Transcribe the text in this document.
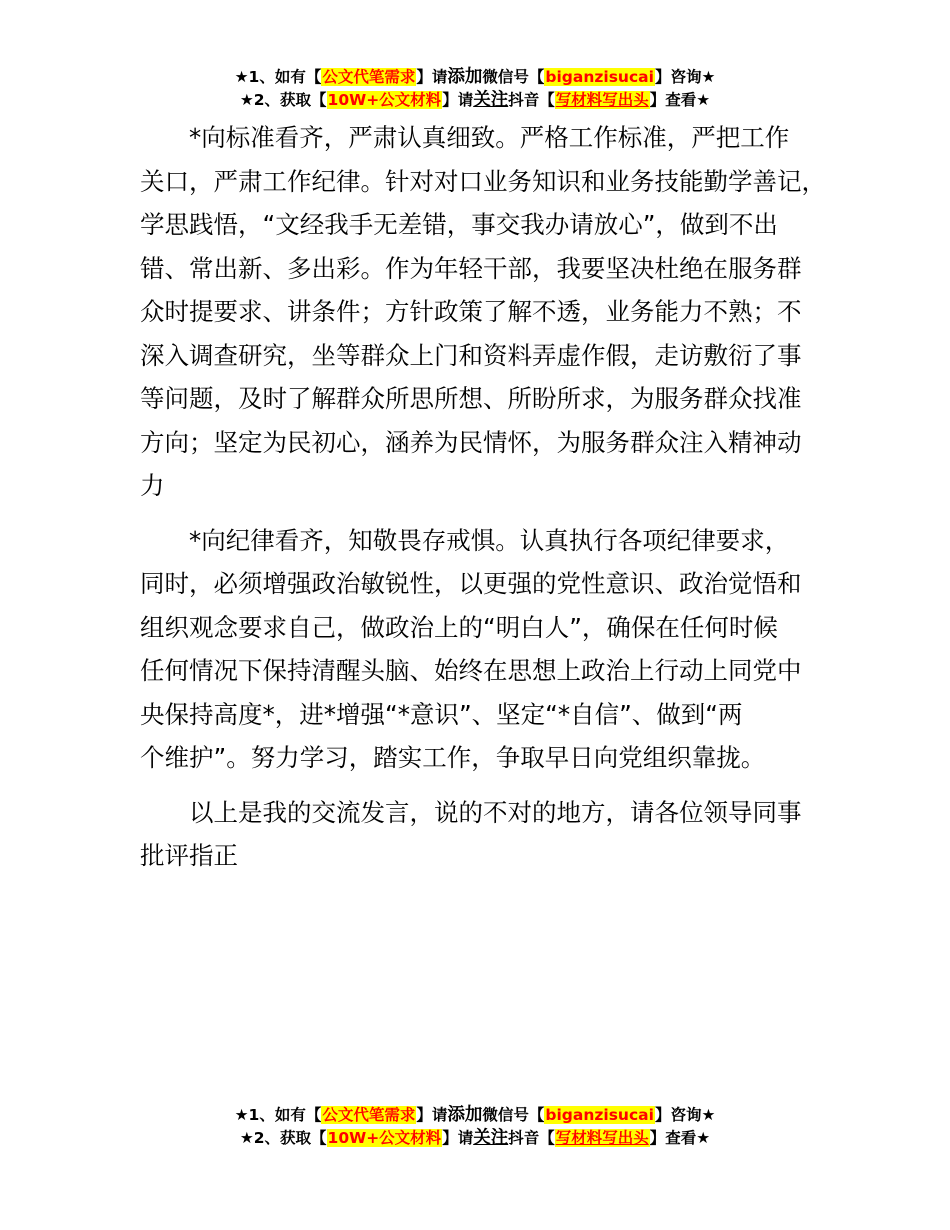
★1、如有【公文代笔需求】请添加微信号【biganzisucai】咨询★
★2、获取【10W+公文材料】请关注抖音【写材料写出头】查看★
*向标准看齐，严肃认真细致。严格工作标准，严把工作
关口，严肃工作纪律。针对对口业务知识和业务技能勤学善记，
学思践悟，“文经我手无差错，事交我办请放心”，做到不出
错、常出新、多出彩。作为年轻干部，我要坚决杜绝在服务群
众时提要求、讲条件；方针政策了解不透，业务能力不熟；不
深入调查研究，坐等群众上门和资料弄虚作假，走访敷衍了事
等问题，及时了解群众所思所想、所盼所求，为服务群众找准
方向；坚定为民初心，涵养为民情怀，为服务群众注入精神动
力
*向纪律看齐，知敬畏存戒惧。认真执行各项纪律要求，
同时，必须增强政治敏锐性，以更强的党性意识、政治觉悟和
组织观念要求自己，做政治上的“明白人”，确保在任何时候
任何情况下保持清醒头脑、始终在思想上政治上行动上同党中
央保持高度*，进*增强“*意识”、坚定“*自信”、做到“两
个维护”。努力学习，踏实工作，争取早日向党组织靠拢。
以上是我的交流发言，说的不对的地方，请各位领导同事
批评指正
★1、如有【公文代笔需求】请添加微信号【biganzisucai】咨询★
★2、获取【10W+公文材料】请关注抖音【写材料写出头】查看★
